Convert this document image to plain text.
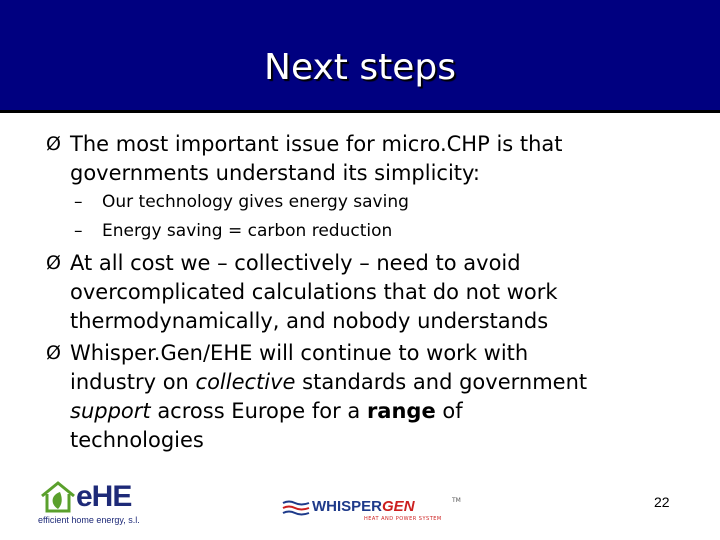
Next steps
Ø The most important issue for micro.CHP is that
governments understand its simplicity:
– Our technology gives energy saving
– Energy saving = carbon reduction
Ø At all cost we – collectively – need to avoid
overcomplicated calculations that do not work
thermodynamically, and nobody understands
Ø Whisper.Gen/EHE will continue to work with
industry on collective standards and government
support across Europe for a range of
technologies
eHE
efficient home energy, s.l.
WHISPERGEN	TM
HEAT AND POWER SYSTEM
22
